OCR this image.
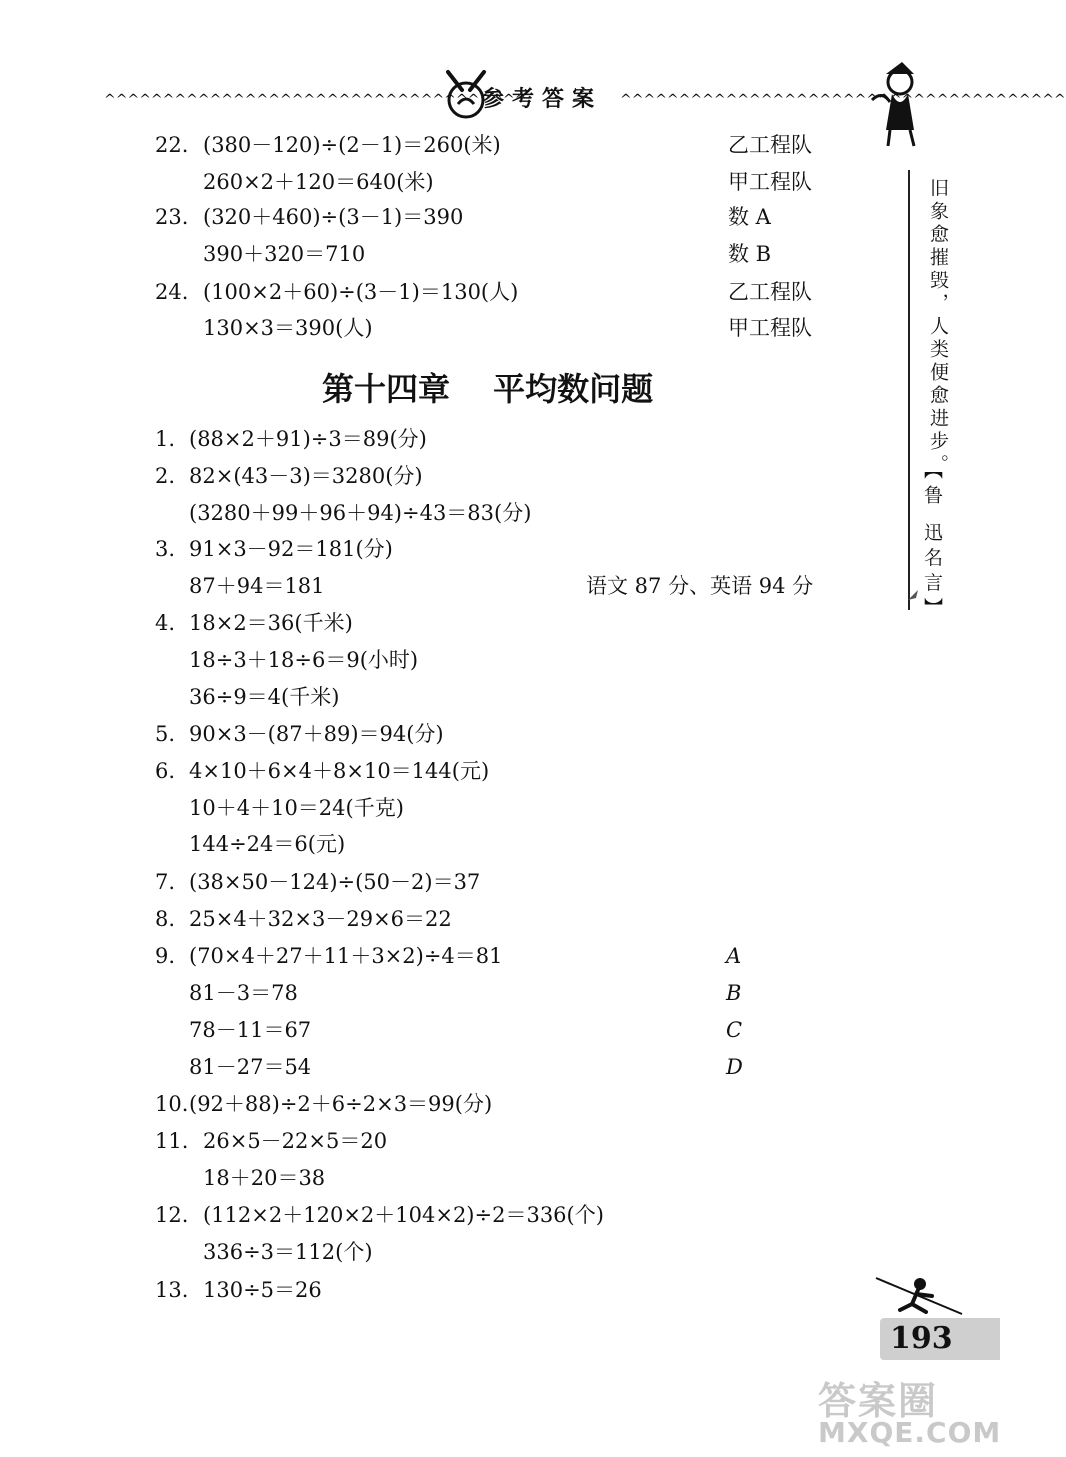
^^^^^^^^^^^^^^^^^^^^^^^^^^^^^^^^^^^^
参考答案 ^^^^^^^^^^^^^^^^^^^^^^^^^^^^^^^^^^^^^^
22. (380－120)÷(2－1)＝260(米)	乙工程队
260×2＋120＝640(米)	甲工程队
23. (320＋460)÷(3－1)＝390	数 A
390＋320＝710	数 B
24. (100×2＋60)÷(3－1)＝130(人)	乙工程队
130×3＝390(人)	甲工程队
第十四章 平均数问题
1. (88×2＋91)÷3＝89(分)
2. 82×(43－3)＝3280(分)
(3280＋99＋96＋94)÷43＝83(分)
3. 91×3－92＝181(分)
87＋94＝181	语文 87 分、英语 94 分
4. 18×2＝36(千米)
18÷3＋18÷6＝9(小时)
36÷9＝4(千米)
5. 90×3－(87＋89)＝94(分)
6. 4×10＋6×4＋8×10＝144(元)
10＋4＋10＝24(千克)
144÷24＝6(元)
7. (38×50－124)÷(50－2)＝37
8. 25×4＋32×3－29×6＝22
9. (70×4＋27＋11＋3×2)÷4＝81	A
81－3＝78	B
78－11＝67	C
81－27＝54	D
10. (92＋88)÷2＋6÷2×3＝99(分)
11. 26×5－22×5＝20
18＋20＝38
12. (112×2＋120×2＋104×2)÷2＝336(个)
336÷3＝112(个)
13. 130÷5＝26
旧象愈摧毁，人类便愈进步。
【鲁 迅名言】
193
答案圈
MXQE.COM
